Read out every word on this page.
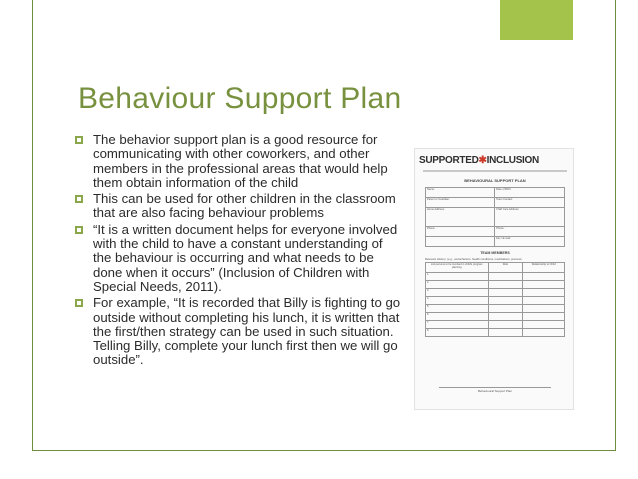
Behaviour Support Plan
The behavior support plan is a good resource for communicating with other coworkers, and other members in the professional areas that would help them obtain information of the child
This can be used for other children in the classroom that are also facing behaviour problems
“It is a written document helps for everyone involved with the child to have a constant understanding of the behaviour is occurring and what needs to be done when it occurs” (Inclusion of Children with Special Needs, 2011).
For example, “It is recorded that Billy is fighting to go outside without completing his lunch, it is written that the first/then strategy can be used in such situation. Telling Billy, complete your lunch first then we will go outside”.
SUPPORTED✱INCLUSION
BEHAVIOURAL SUPPORT PLAN
Name:	Date of Birth:
Parent or Guardian:	Team Contact:
Home Address:	Child Care Address:
Phone:	Phone:
	Fax / E-mail:
TEAM MEMBERS
Relevant History: (e.g., social factors, health conditions, medications, previous
List persons to be involved in child's program planning	Role	Relationship to Child
1.		
2.		
3.		
4.		
5.		
6.		
7.		
8.		
Behavioural Support Plan
